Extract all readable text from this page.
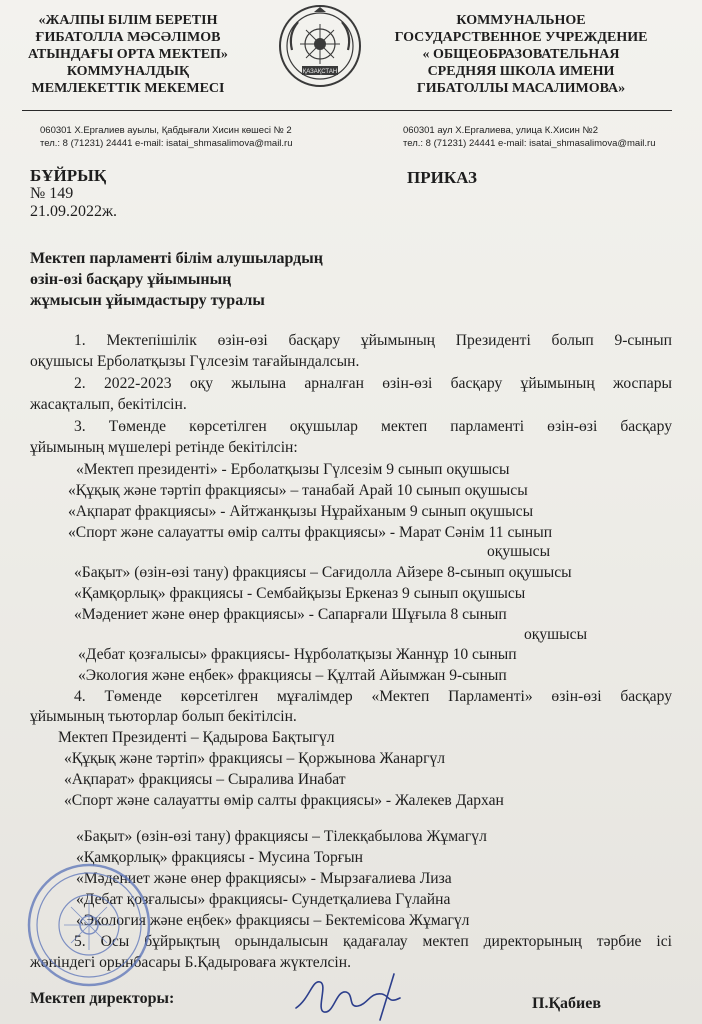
«ЖАЛПЫ БІЛІМ БЕРЕТІН
ҒИБАТОЛЛА МӘСӘЛІМОВ
АТЫНДАҒЫ ОРТА МЕКТЕП»
КОММУНАЛДЫҚ
МЕМЛЕКЕТТІК МЕКЕМЕСІ
ҚАЗАҚСТАН
КОММУНАЛЬНОЕ
ГОСУДАРСТВЕННОЕ УЧРЕЖДЕНИЕ
« ОБЩЕОБРАЗОВАТЕЛЬНАЯ
СРЕДНЯЯ ШКОЛА ИМЕНИ
ГИБАТОЛЛЫ МАСАЛИМОВА»
060301 Х.Ергалиев ауылы, Қабдығали Хисин көшесі № 2
тел.: 8 (71231) 24441 e-mail: isatai_shmasalimova@mail.ru
060301 аул Х.Ергалиева, улица К.Хисин №2
тел.: 8 (71231) 24441 e-mail: isatai_shmasalimova@mail.ru
БҰЙРЫҚ	ПРИКАЗ
№ 149
21.09.2022ж.
Мектеп парламенті білім алушылардың
өзін-өзі басқару ұйымының
жұмысын ұйымдастыру туралы
1. Мектепішілік өзін-өзі басқару ұйымының Президенті болып 9-сынып
оқушысы Ерболатқызы Гүлсезім тағайындалсын.
2. 2022-2023 оқу жылына арналған өзін-өзі басқару ұйымының жоспары
жасақталып, бекітілсін.
3. Төменде көрсетілген оқушылар мектеп парламенті өзін-өзі басқару
ұйымының мүшелері ретінде бекітілсін:
«Мектеп президенті» - Ерболатқызы Гүлсезім 9 сынып оқушысы
«Құқық және тәртіп фракциясы» – танабай Арай 10 сынып оқушысы
«Ақпарат фракциясы» - Айтжанқызы Нұрайханым 9 сынып оқушысы
«Спорт және салауатты өмір салты фракциясы» - Марат Сәнім 11 сынып
оқушысы
«Бақыт» (өзін-өзі тану) фракциясы – Сағидолла Айзере 8-сынып оқушысы
«Қамқорлық» фракциясы - Сембайқызы Еркеназ 9 сынып оқушысы
«Мәдениет және өнер фракциясы» - Сапарғали Шұғыла 8 сынып
оқушысы
«Дебат қозғалысы» фракциясы- Нұрболатқызы Жаннұр 10 сынып
«Экология және еңбек» фракциясы – Құлтай Айымжан 9-сынып
4. Төменде көрсетілген мұғалімдер «Мектеп Парламенті» өзін-өзі басқару
ұйымының тьюторлар болып бекітілсін.
Мектеп Президенті – Қадырова Бақтыгүл
«Құқық және тәртіп» фракциясы – Қоржынова Жанаргүл
«Ақпарат» фракциясы – Сыралива Инабат
«Спорт және салауатты өмір салты фракциясы» - Жалекев Дархан
«Бақыт» (өзін-өзі тану) фракциясы – Тілекқабылова Жұмагүл
«Қамқорлық» фракциясы - Мусина Торғын
«Мәдениет және өнер фракциясы» - Мырзағалиева Лиза
«Дебат қозғалысы» фракциясы- Сундетқалиева Гүлайна
«Экология және еңбек» фракциясы – Бектемісова Жұмагүл
5. Осы бұйрықтың орындалысын қадағалау мектеп директорының тәрбие ісі
жөніндегі орынбасары Б.Қадыроваға жүктелсін.
Мектеп директоры:	П.Қабиев
